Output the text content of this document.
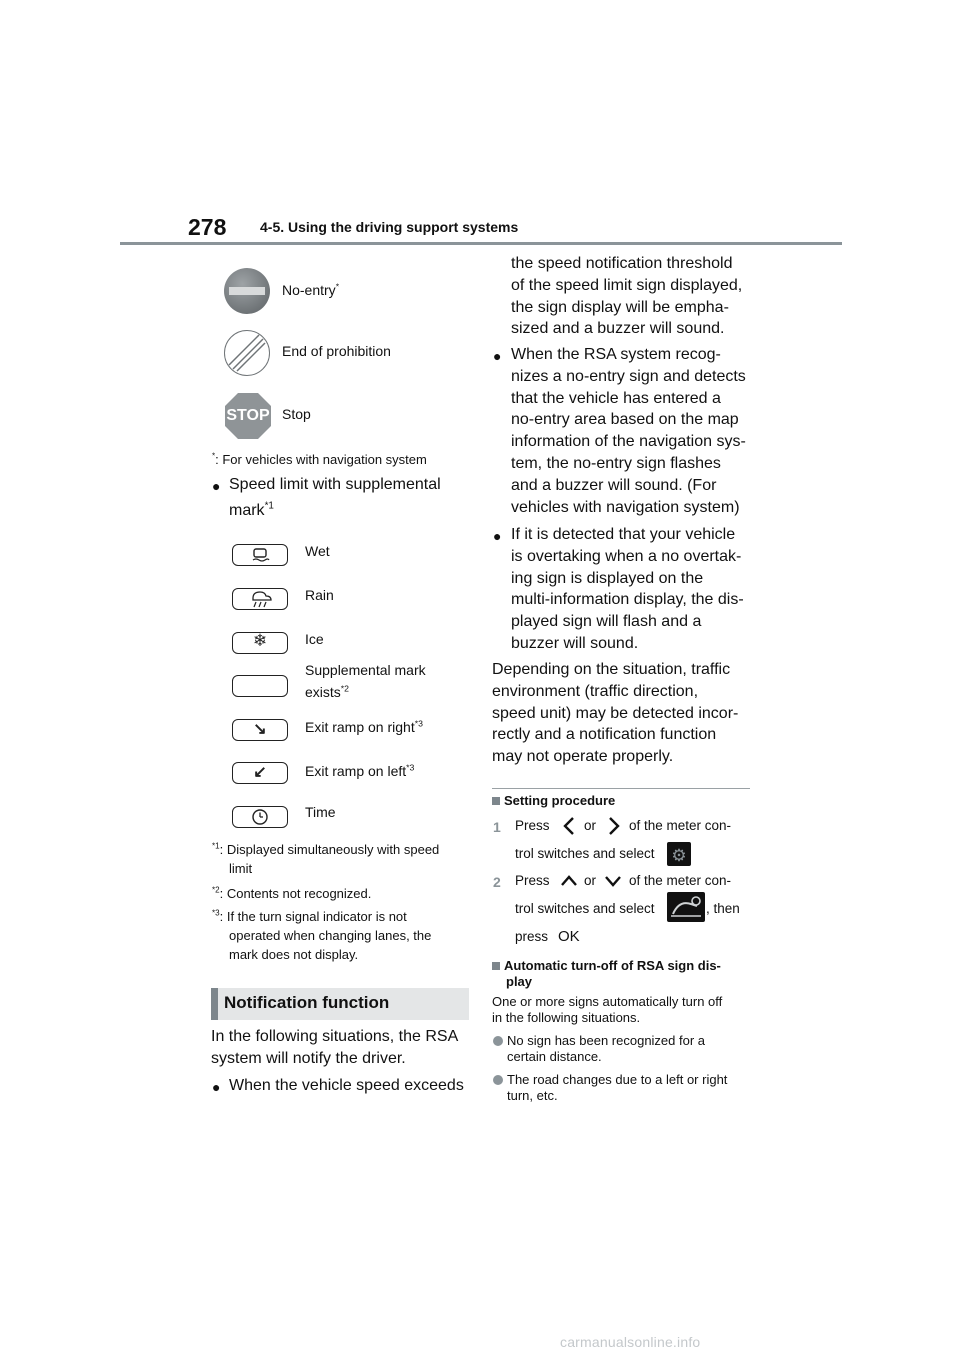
278 4-5. Using the driving support systems
No-entry*
End of prohibition
STOP Stop
*: For vehicles with navigation system
● Speed limit with supplemental
mark$^{*1}$
Wet
Rain
❄	Ice
Supplemental mark
exists$^{*2}$
↘	Exit ramp on right$^{*3}$
↙	Exit ramp on left$^{*3}$
Time
$^{*1}$: Displayed simultaneously with speed
limit
$^{*2}$: Contents not recognized.
$^{*3}$: If the turn signal indicator is not
operated when changing lanes, the
mark does not display.
Notification function
In the following situations, the RSA
system will notify the driver.
● When the vehicle speed exceeds
the speed notification threshold
of the speed limit sign displayed,
the sign display will be empha-
sized and a buzzer will sound.
● When the RSA system recog-
nizes a no-entry sign and detects
that the vehicle has entered a
no-entry area based on the map
information of the navigation sys-
tem, the no-entry sign flashes
and a buzzer will sound. (For
vehicles with navigation system)
● If it is detected that your vehicle
is overtaking when a no overtak-
ing sign is displayed on the
multi-information display, the dis-
played sign will flash and a
buzzer will sound.
Depending on the situation, traffic
environment (traffic direction,
speed unit) may be detected incor-
rectly and a notification function
may not operate properly.
Setting procedure
1 Press	or of the meter con-
trol switches and select ⚙
2 Press	or of the meter con-
trol switches and select	, then
press OK
Automatic turn-off of RSA sign dis-
play
One or more signs automatically turn off
in the following situations.
No sign has been recognized for a
certain distance.
The road changes due to a left or right
turn, etc.
carmanualsonline.info
